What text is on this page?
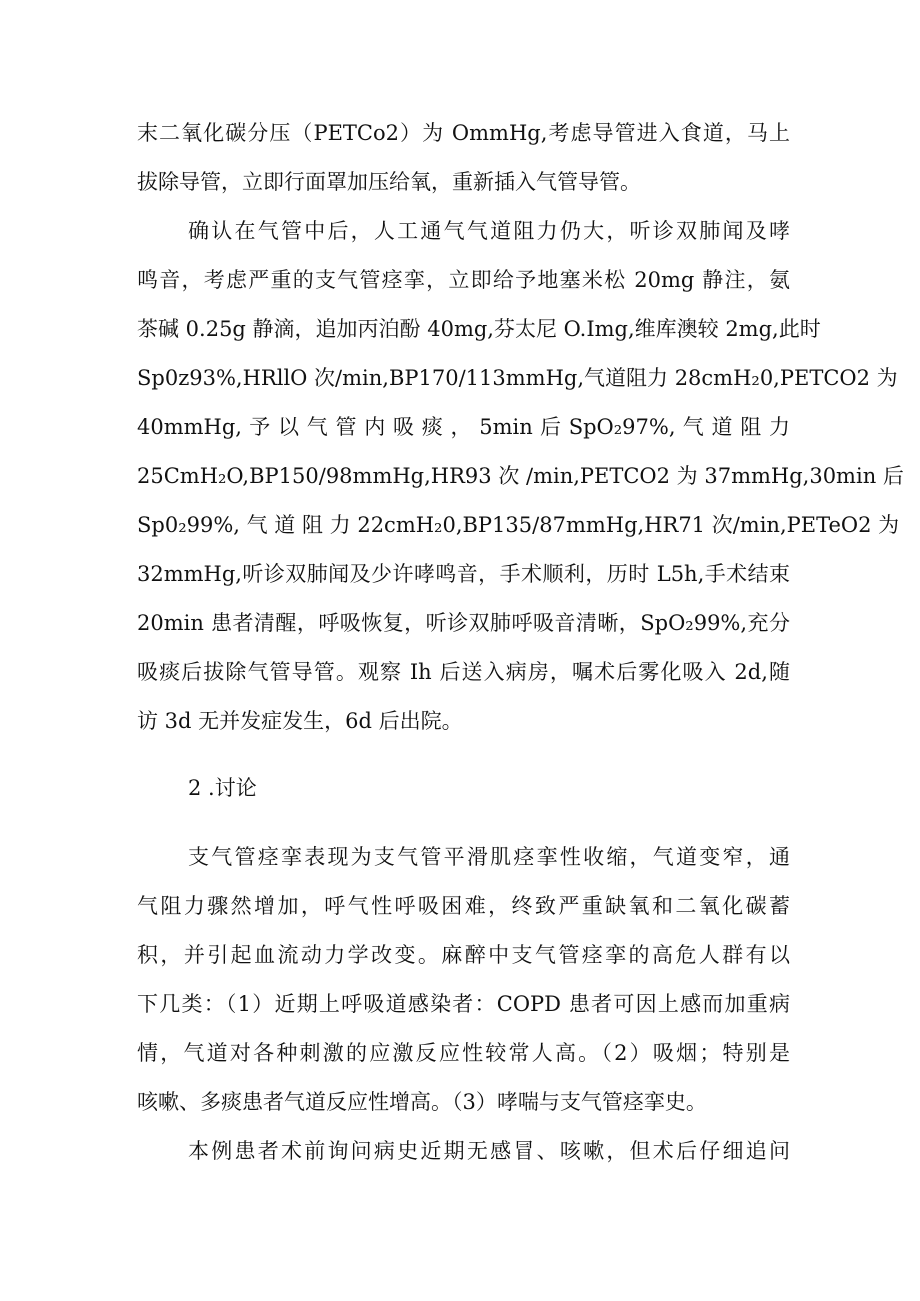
末二氧化碳分压（PETCo2）为 OmmHg,考虑导管进入食道，马上
拔除导管，立即行面罩加压给氧，重新插入气管导管。
确认在气管中后，人工通气气道阻力仍大，听诊双肺闻及哮
鸣音，考虑严重的支气管痉挛，立即给予地塞米松 20mg 静注，氨
茶碱 0.25g 静滴，追加丙泊酚 40mg,芬太尼 O.Img,维库澳较 2mg,此时
Sp0z93%,HRllO 次∕min,BP170∕113mmHg,气道阻力 28cmH₂0,PETCO2 为
40mmHg, 予 以 气 管 内 吸 痰 ， 5min 后 SpO₂97%, 气 道 阻 力
25CmH₂O,BP150∕98mmHg,HR93 次 ∕min,PETCO2 为 37mmHg,30min 后
Sp0₂99%, 气 道 阻 力 22cmH₂0,BP135∕87mmHg,HR71 次∕min,PETeO2 为
32mmHg,听诊双肺闻及少许哮鸣音，手术顺利，历时 L5h,手术结束
20min 患者清醒，呼吸恢复，听诊双肺呼吸音清晰，SpO₂99%,充分
吸痰后拔除气管导管。观察 Ih 后送入病房，嘱术后雾化吸入 2d,随
访 3d 无并发症发生，6d 后出院。
2 .讨论
支气管痉挛表现为支气管平滑肌痉挛性收缩，气道变窄，通
气阻力骤然增加，呼气性呼吸困难，终致严重缺氧和二氧化碳蓄
积，并引起血流动力学改变。麻醉中支气管痉挛的高危人群有以
下几类：（1）近期上呼吸道感染者：COPD 患者可因上感而加重病
情，气道对各种刺激的应激反应性较常人高。（2）吸烟；特别是
咳嗽、多痰患者气道反应性增高。（3）哮喘与支气管痉挛史。
本例患者术前询问病史近期无感冒、咳嗽，但术后仔细追问
